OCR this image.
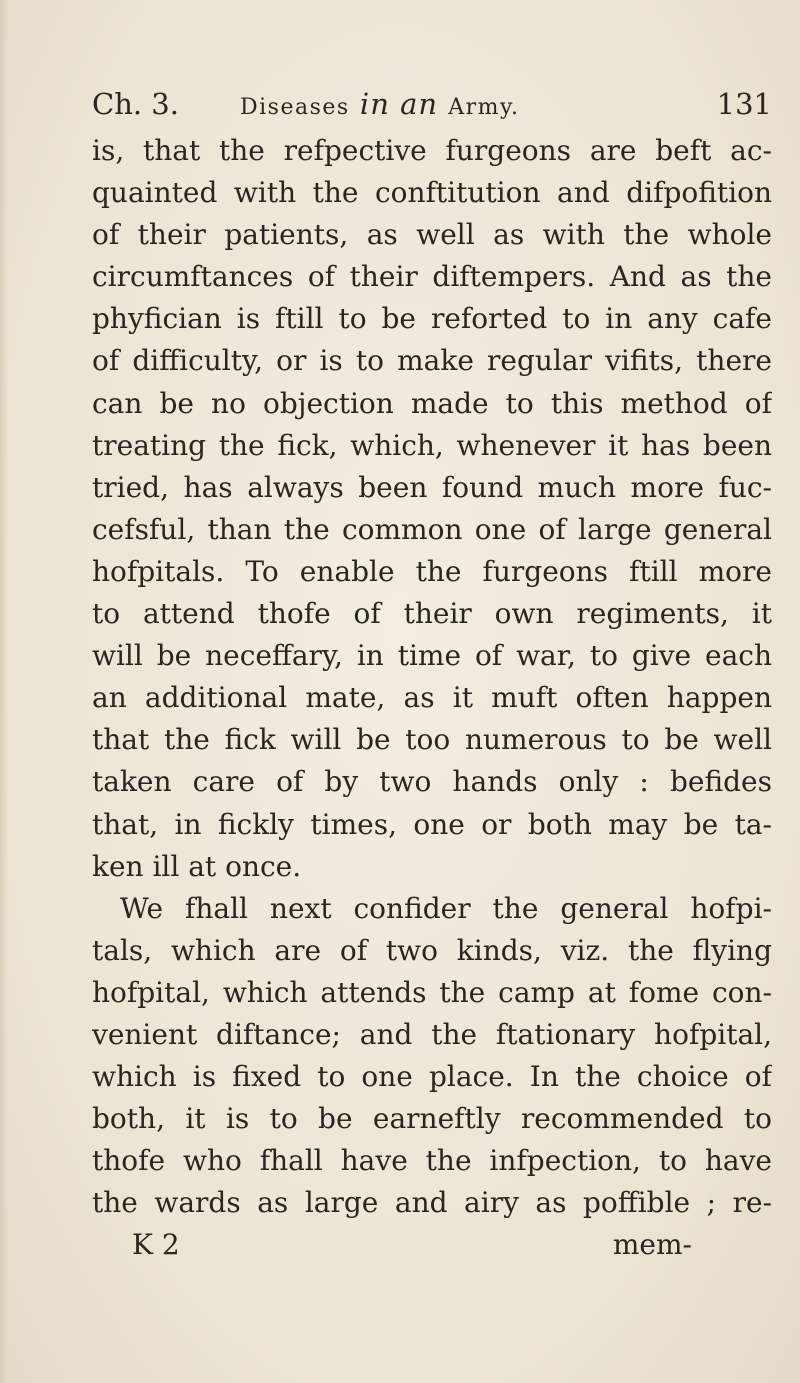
Ch. 3.	Diseases in an Army.	131
is, that the refpective furgeons are beft ac-
quainted with the conftitution and difpofition
of their patients, as well as with the whole
circumftances of their diftempers. And as the
phyfician is ftill to be reforted to in any cafe
of difficulty, or is to make regular vifits, there
can be no objection made to this method of
treating the fick, which, whenever it has been
tried, has always been found much more fuc-
cefsful, than the common one of large general
hofpitals. To enable the furgeons ftill more
to attend thofe of their own regiments, it
will be neceffary, in time of war, to give each
an additional mate, as it muft often happen
that the fick will be too numerous to be well
taken care of by two hands only : befides
that, in fickly times, one or both may be ta-
ken ill at once.
We fhall next confider the general hofpi-
tals, which are of two kinds, viz. the flying
hofpital, which attends the camp at fome con-
venient diftance; and the ftationary hofpital,
which is fixed to one place. In the choice of
both, it is to be earneftly recommended to
thofe who fhall have the infpection, to have
the wards as large and airy as poffible ; re-
K 2	mem-
